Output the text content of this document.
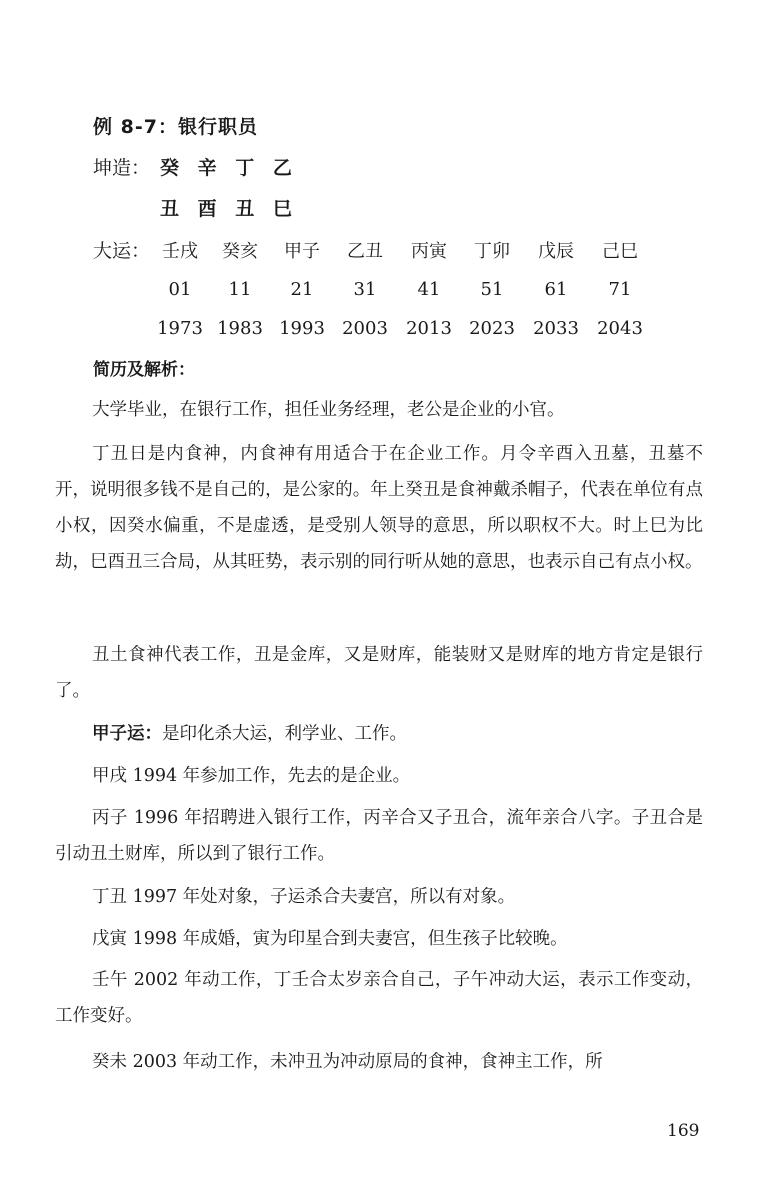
例 8-7：银行职员
坤造： 癸 辛 丁 乙
丑 酉 丑 巳
大运： 壬戌	癸亥	甲子	乙丑	丙寅	丁卯	戊辰	己巳
01	11	21	31	41	51	61	71
1973 1983 1993 2003	2013 2023	2033	2043
简历及解析：
大学毕业，在银行工作，担任业务经理，老公是企业的小官。
丁丑日是内食神，内食神有用适合于在企业工作。月令辛酉入丑墓，丑墓不开，说明很多钱不是自己的，是公家的。年上癸丑是食神戴杀帽子，代表在单位有点小权，因癸水偏重，不是虚透，是受别人领导的意思，所以职权不大。时上巳为比劫，巳酉丑三合局，从其旺势，表示别的同行听从她的意思，也表示自己有点小权。
丑土食神代表工作，丑是金库，又是财库，能装财又是财库的地方肯定是银行了。
甲子运：是印化杀大运，利学业、工作。
甲戌 1994 年参加工作，先去的是企业。
丙子 1996 年招聘进入银行工作，丙辛合又子丑合，流年亲合八字。子丑合是引动丑土财库，所以到了银行工作。
丁丑 1997 年处对象，子运杀合夫妻宫，所以有对象。
戊寅 1998 年成婚，寅为印星合到夫妻宫，但生孩子比较晚。
壬午 2002 年动工作，丁壬合太岁亲合自己，子午冲动大运，表示工作变动，工作变好。
癸未 2003 年动工作，未冲丑为冲动原局的食神，食神主工作，所
169
